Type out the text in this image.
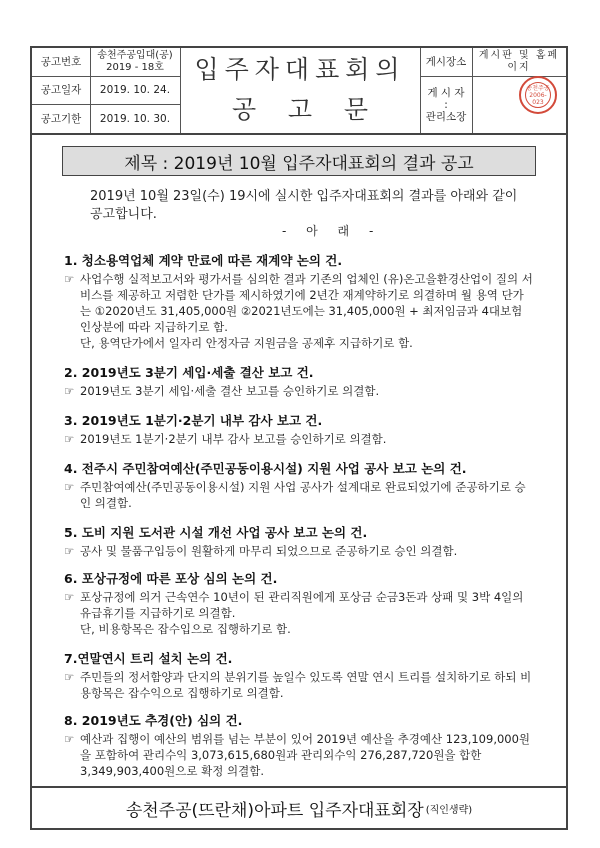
공고번호
송천주공입대(공)
2019 - 18호
공고일자	2019. 10. 24.
공고기한	2019. 10. 30.
입주자대표회의
공    고    문
게시장소
게시판 및 홈페이지
게 시 자
:
관리소장
송천주공 2006-023
제목 : 2019년 10월 입주자대표회의 결과 공고
2019년 10월 23일(수) 19시에 실시한 입주자대표회의 결과를 아래와 같이 공고합니다.
- 아 래 -
1. 청소용역업체 계약 만료에 따른 재계약 논의 건.
☞ 사업수행 실적보고서와 평가서를 심의한 결과 기존의 업체인 (유)온고을환경산업이 질의 서비스를 제공하고 저렴한 단가를 제시하였기에 2년간 재계약하기로 의결하며 월 용역 단가는 ①2020년도 31,405,000원 ②2021년도에는 31,405,000원 + 최저임금과 4대보험 인상분에 따라 지급하기로 함.

단, 용역단가에서 일자리 안정자금 지원금을 공제후 지급하기로 함.

2. 2019년도 3분기 세입·세출 결산 보고 건.
☞ 2019년도 3분기 세입·세출 결산 보고를 승인하기로 의결함.

3. 2019년도 1분기·2분기 내부 감사 보고 건.
☞ 2019년도 1분기·2분기 내부 감사 보고를 승인하기로 의결함.

4. 전주시 주민참여예산(주민공동이용시설) 지원 사업 공사 보고 논의 건.
☞ 주민참여예산(주민공동이용시설) 지원 사업 공사가 설계대로 완료되었기에 준공하기로 승인 의결함.

5. 도비 지원 도서관 시설 개선 사업 공사 보고 논의 건.
☞ 공사 및 물품구입등이 원활하게 마무리 되었으므로 준공하기로 승인 의결함.

6. 포상규정에 따른 포상 심의 논의 건.
☞ 포상규정에 의거 근속연수 10년이 된 관리직원에게 포상금 순금3돈과 상패 및 3박 4일의 유급휴기를 지급하기로 의결함.

단, 비용항목은 잡수입으로 집행하기로 함.

7.연말연시 트리 설치 논의 건.
☞ 주민들의 정서함양과 단지의 분위기를 높일수 있도록 연말 연시 트리를 설치하기로 하되 비용항목은 잡수익으로 집행하기로 의결함.

8. 2019년도 추경(안) 심의 건.
☞ 예산과 집행이 예산의 범위를 넘는 부분이 있어 2019년 예산을 추경예산 123,109,000원을 포함하여 관리수익 3,073,615,680원과 관리외수익 276,287,720원을 합한 3,349,903,400원으로 확정 의결함.

송천주공(뜨란채)아파트 입주자대표회장 (직인생략)
